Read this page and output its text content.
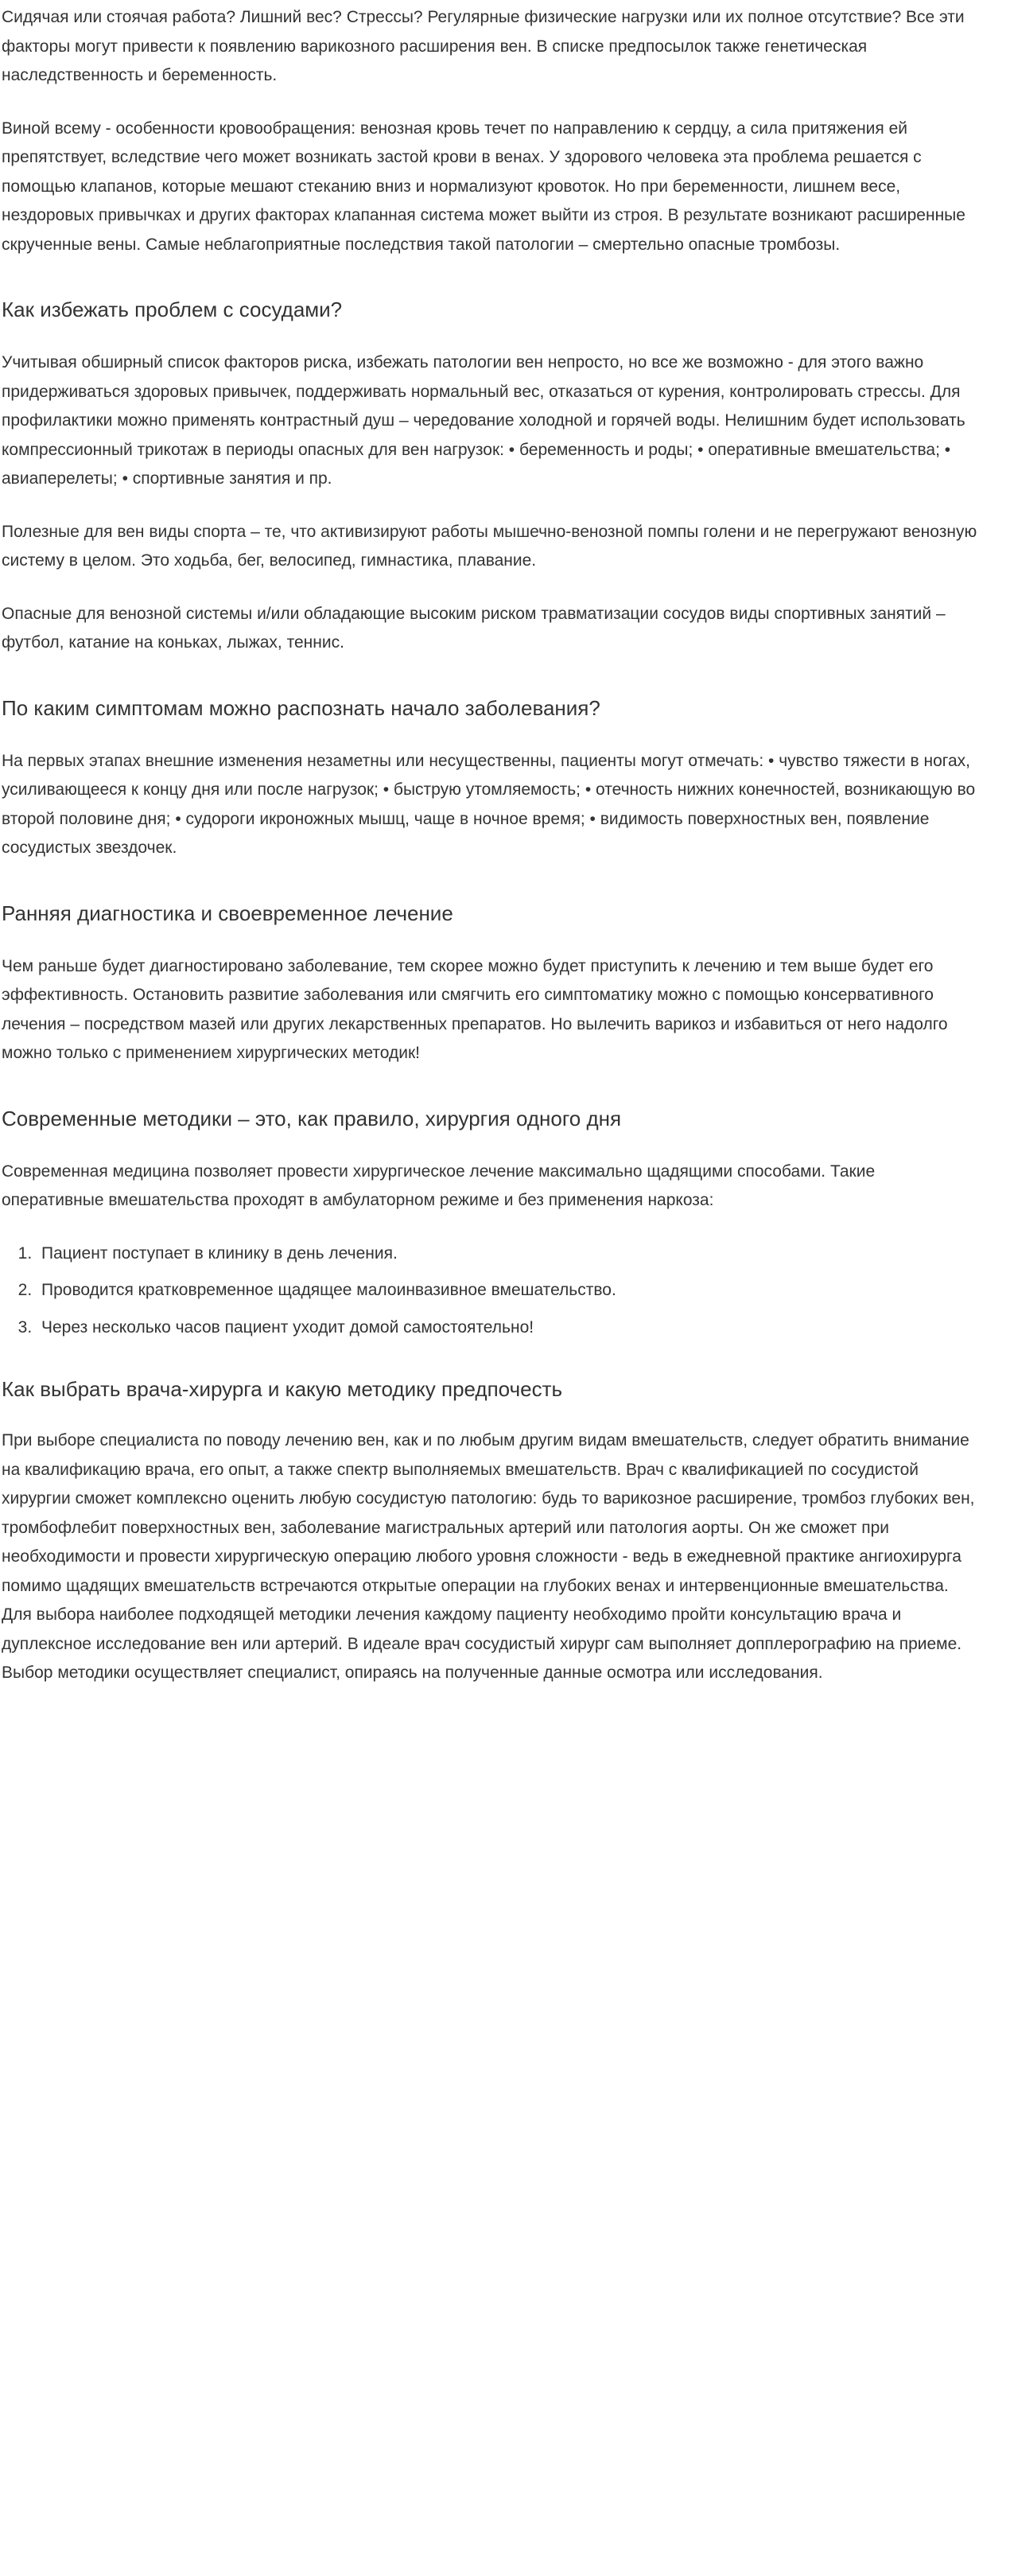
Сидячая или стоячая работа? Лишний вес? Стрессы? Регулярные физические нагрузки или их полное отсутствие? Все эти факторы могут привести к появлению варикозного расширения вен. В списке предпосылок также генетическая наследственность и беременность.

Виной всему - особенности кровообращения: венозная кровь течет по направлению к сердцу, а сила притяжения ей препятствует, вследствие чего может возникать застой крови в венах. У здорового человека эта проблема решается с помощью клапанов, которые мешают стеканию вниз и нормализуют кровоток. Но при беременности, лишнем весе, нездоровых привычках и других факторах клапанная система может выйти из строя. В результате возникают расширенные скрученные вены. Самые неблагоприятные последствия такой патологии – смертельно опасные тромбозы.

Как избежать проблем с сосудами?

Учитывая обширный список факторов риска, избежать патологии вен непросто, но все же возможно - для этого важно придерживаться здоровых привычек, поддерживать нормальный вес, отказаться от курения, контролировать стрессы. Для профилактики можно применять контрастный душ – чередование холодной и горячей воды. Нелишним будет использовать компрессионный трикотаж в периоды опасных для вен нагрузок: • беременность и роды; • оперативные вмешательства; • авиаперелеты; • спортивные занятия и пр.

Полезные для вен виды спорта – те, что активизируют работы мышечно-венозной помпы голени и не перегружают венозную систему в целом. Это ходьба, бег, велосипед, гимнастика, плавание.

Опасные для венозной системы и/или обладающие высоким риском травматизации сосудов виды спортивных занятий – футбол, катание на коньках, лыжах, теннис.

По каким симптомам можно распознать начало заболевания?

На первых этапах внешние изменения незаметны или несущественны, пациенты могут отмечать: • чувство тяжести в ногах, усиливающееся к концу дня или после нагрузок; • быструю утомляемость; • отечность нижних конечностей, возникающую во второй половине дня; • судороги икроножных мышц, чаще в ночное время; • видимость поверхностных вен, появление сосудистых звездочек.

Ранняя диагностика и своевременное лечение

Чем раньше будет диагностировано заболевание, тем скорее можно будет приступить к лечению и тем выше будет его эффективность. Остановить развитие заболевания или смягчить его симптоматику можно с помощью консервативного лечения – посредством мазей или других лекарственных препаратов. Но вылечить варикоз и избавиться от него надолго можно только с применением хирургических методик!

Современные методики – это, как правило, хирургия одного дня

Современная медицина позволяет провести хирургическое лечение максимально щадящими способами. Такие оперативные вмешательства проходят в амбулаторном режиме и без применения наркоза:

1. Пациент поступает в клинику в день лечения.
2. Проводится кратковременное щадящее малоинвазивное вмешательство.
3. Через несколько часов пациент уходит домой самостоятельно!
Как выбрать врача-хирурга и какую методику предпочесть

При выборе специалиста по поводу лечению вен, как и по любым другим видам вмешательств, следует обратить внимание на квалификацию врача, его опыт, а также спектр выполняемых вмешательств. Врач с квалификацией по сосудистой хирургии сможет комплексно оценить любую сосудистую патологию: будь то варикозное расширение, тромбоз глубоких вен, тромбофлебит поверхностных вен, заболевание магистральных артерий или патология аорты. Он же сможет при необходимости и провести хирургическую операцию любого уровня сложности - ведь в ежедневной практике ангиохирурга помимо щадящих вмешательств встречаются открытые операции на глубоких венах и интервенционные вмешательства. Для выбора наиболее подходящей методики лечения каждому пациенту необходимо пройти консультацию врача и дуплексное исследование вен или артерий. В идеале врач сосудистый хирург сам выполняет допплерографию на приеме. Выбор методики осуществляет специалист, опираясь на полученные данные осмотра или исследования.
